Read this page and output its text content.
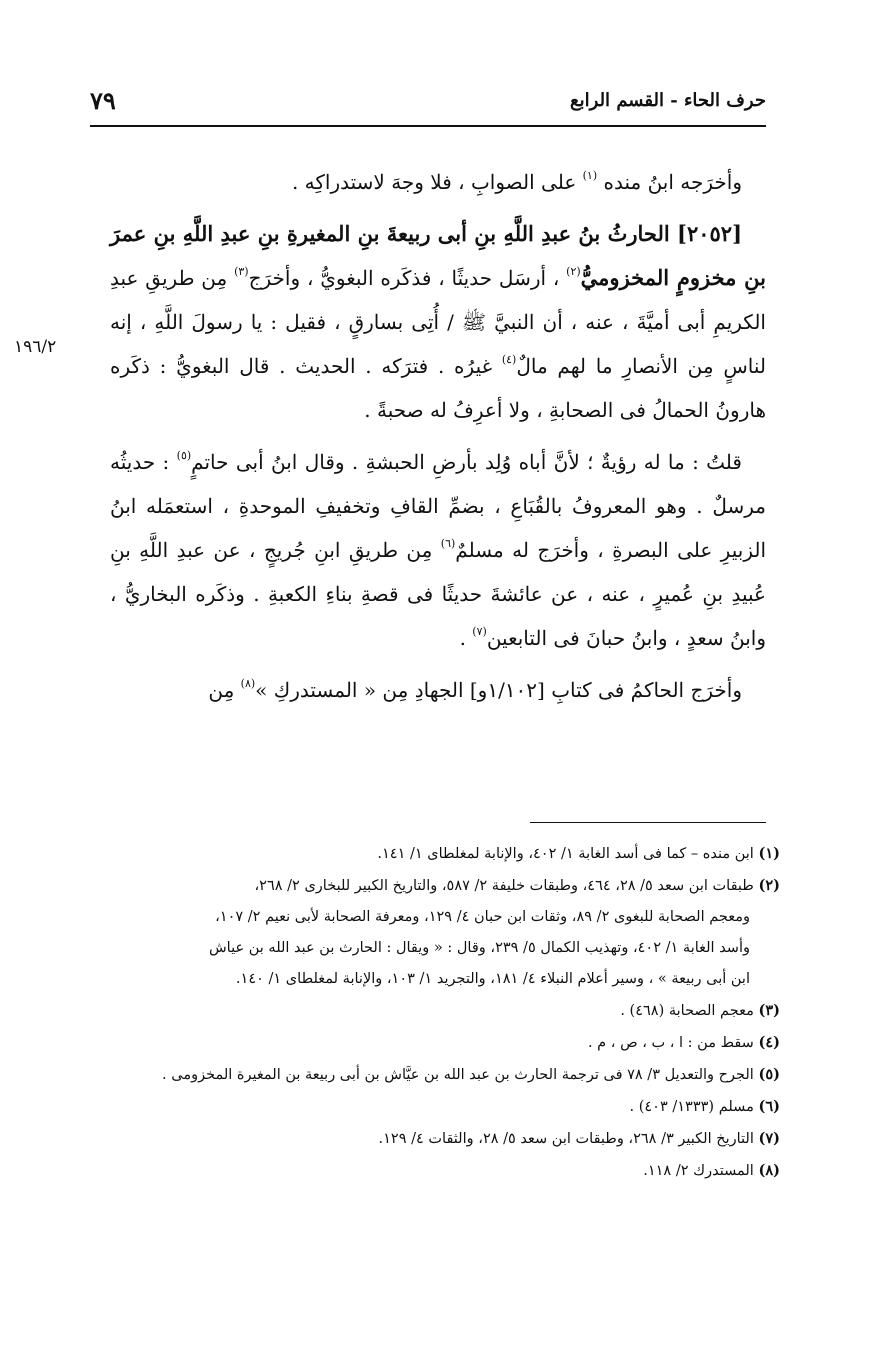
حرف الحاء - القسم الرابع
٧٩
١٩٦/٢

وأخرَجه ابنُ منده $^{(١)}$ على الصوابِ ، فلا وجهَ لاستدراكِه .

[٢٠٥٢] الحارثُ بنُ عبدِ اللَّهِ بنِ أبى ربيعةَ بنِ المغيرةِ بنِ عبدِ اللَّهِ بنِ عمرَ بنِ مخزومٍ المخزوميُّ$^{(٢)}$ ، أرسَل حديثًا ، فذكَره البغويُّ ، وأخرَج$^{(٣)}$ مِن طريقِ عبدِ الكريمِ أبى أميَّةَ ، عنه ، أن النبيَّ ﷺ / أُتِى بسارقٍ ، فقيل : يا رسولَ اللَّهِ ، إنه لناسٍ مِن الأنصارِ ما لهم مالٌ$^{(٤)}$ غيرُه . فترَكه . الحديث . قال البغويُّ : ذكَره هارونُ الحمالُ فى الصحابةِ ، ولا أعرِفُ له صحبةً .

قلتُ : ما له رؤيةٌ ؛ لأنَّ أباه وُلِد بأرضِ الحبشةِ . وقال ابنُ أبى حاتمٍ$^{(٥)}$ : حديثُه مرسلٌ . وهو المعروفُ بالقُبَاعِ ، بضمِّ القافِ وتخفيفِ الموحدةِ ، استعمَله ابنُ الزبيرِ على البصرةِ ، وأخرَج له مسلمٌ$^{(٦)}$ مِن طريقِ ابنِ جُريجٍ ، عن عبدِ اللَّهِ بنِ عُبيدِ بنِ عُميرٍ ، عنه ، عن عائشةَ حديثًا فى قصةِ بناءِ الكعبةِ . وذكَره البخاريُّ ، وابنُ سعدٍ ، وابنُ حبانَ فى التابعين$^{(٧)}$ .

وأخرَج الحاكمُ فى كتابِ [١/١٠٢و] الجهادِ مِن « المستدركِ »$^{(٨)}$ مِن

(١) ابن منده – كما فى أسد الغابة ١/ ٤٠٢، والإنابة لمغلطاى ١/ ١٤١.

(٢) طبقات ابن سعد ٥/ ٢٨، ٤٦٤، وطبقات خليفة ٢/ ٥٨٧، والتاريخ الكبير للبخارى ٢/ ٢٦٨،
ومعجم الصحابة للبغوى ٢/ ٨٩، وثقات ابن حبان ٤/ ١٢٩، ومعرفة الصحابة لأبى نعيم ٢/ ١٠٧،
وأسد الغابة ١/ ٤٠٢، وتهذيب الكمال ٥/ ٢٣٩، وقال : « ويقال : الحارث بن عبد الله بن عياش
ابن أبى ربيعة » ، وسير أعلام النبلاء ٤/ ١٨١، والتجريد ١/ ١٠٣، والإنابة لمغلطاى ١/ ١٤٠.

(٣) معجم الصحابة (٤٦٨) .

(٤) سقط من : ا ، ب ، ص ، م .

(٥) الجرح والتعديل ٣/ ٧٨ فى ترجمة الحارث بن عبد الله بن عيَّاش بن أبى ربيعة بن المغيرة المخزومى .

(٦) مسلم (١٣٣٣/ ٤٠٣) .

(٧) التاريخ الكبير ٣/ ٢٦٨، وطبقات ابن سعد ٥/ ٢٨، والثقات ٤/ ١٢٩.

(٨) المستدرك ٢/ ١١٨.
